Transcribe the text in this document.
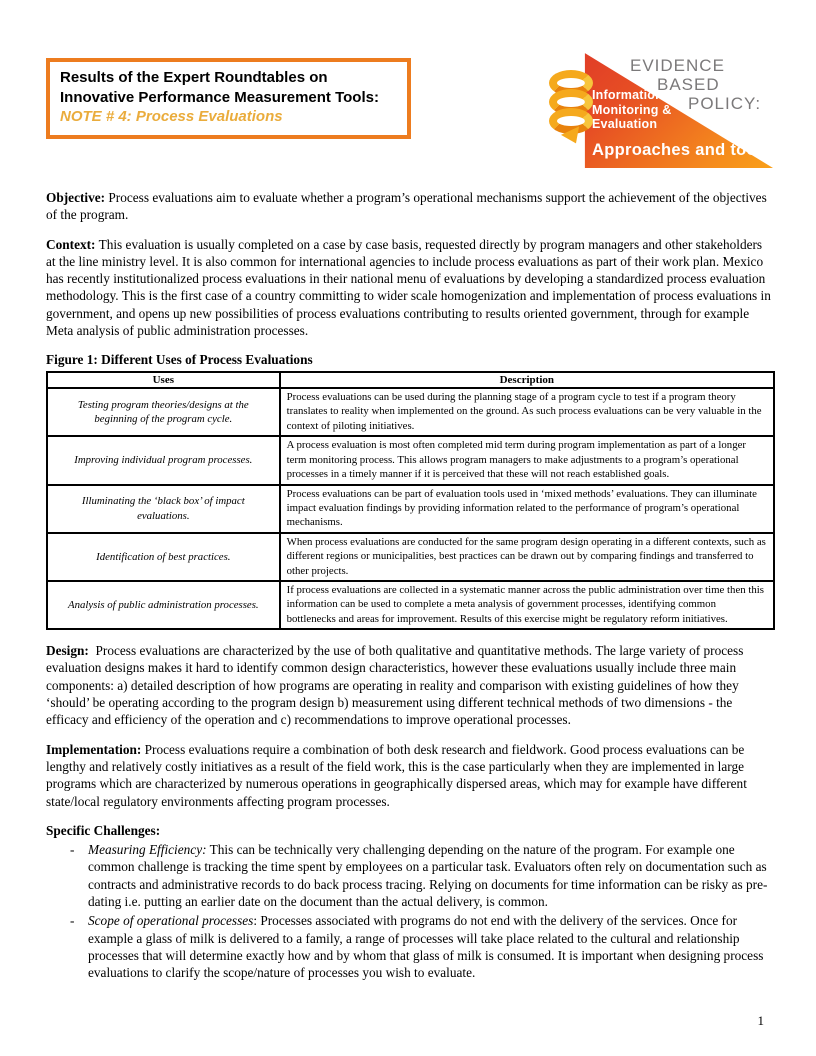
Results of the Expert Roundtables on Innovative Performance Measurement Tools: NOTE # 4: Process Evaluations
EVIDENCE
BASED
POLICY:
Information
Monitoring &
Evaluation
Approaches and tools

Objective: Process evaluations aim to evaluate whether a program’s operational mechanisms support the achievement of the objectives of the program.

Context: This evaluation is usually completed on a case by case basis, requested directly by program managers and other stakeholders at the line ministry level. It is also common for international agencies to include process evaluations as part of their work plan. Mexico has recently institutionalized process evaluations in their national menu of evaluations by developing a standardized process evaluation methodology. This is the first case of a country committing to wider scale homogenization and implementation of process evaluations in government, and opens up new possibilities of process evaluations contributing to results oriented government, through for example Meta analysis of public administration processes.

Figure 1: Different Uses of Process Evaluations
Uses	Description
Testing program theories/designs at the beginning of the program cycle.	Process evaluations can be used during the planning stage of a program cycle to test if a program theory translates to reality when implemented on the ground. As such process evaluations can be very valuable in the context of piloting initiatives.
Improving individual program processes.	A process evaluation is most often completed mid term during program implementation as part of a longer term monitoring process. This allows program managers to make adjustments to a program’s operational processes in a timely manner if it is perceived that these will not reach established goals.
Illuminating the ‘black box’ of impact evaluations.	Process evaluations can be part of evaluation tools used in ‘mixed methods’ evaluations. They can illuminate impact evaluation findings by providing information related to the performance of program’s operational mechanisms.
Identification of best practices.	When process evaluations are conducted for the same program design operating in a different contexts, such as different regions or municipalities, best practices can be drawn out by comparing findings and transferred to other projects.
Analysis of public administration processes.	If process evaluations are collected in a systematic manner across the public administration over time then this information can be used to complete a meta analysis of government processes, identifying common bottlenecks and areas for improvement. Results of this exercise might be regulatory reform initiatives.

Design: Process evaluations are characterized by the use of both qualitative and quantitative methods. The large variety of process evaluation designs makes it hard to identify common design characteristics, however these evaluations usually include three main components: a) detailed description of how programs are operating in reality and comparison with existing guidelines of how they ‘should’ be operating according to the program design b) measurement using different technical methods of two dimensions - the efficacy and efficiency of the operation and c) recommendations to improve operational processes.

Implementation: Process evaluations require a combination of both desk research and fieldwork. Good process evaluations can be lengthy and relatively costly initiatives as a result of the field work, this is the case particularly when they are implemented in large programs which are characterized by numerous operations in geographically dispersed areas, which may for example have different state/local regulatory environments affecting program processes.

Specific Challenges:
- Measuring Efficiency: This can be technically very challenging depending on the nature of the program. For example one common challenge is tracking the time spent by employees on a particular task. Evaluators often rely on documentation such as contracts and administrative records to do back process tracing. Relying on documents for time information can be risky as pre-dating i.e. putting an earlier date on the document than the actual delivery, is common.
- Scope of operational processes: Processes associated with programs do not end with the delivery of the services. Once for example a glass of milk is delivered to a family, a range of processes will take place related to the cultural and relationship processes that will determine exactly how and by whom that glass of milk is consumed. It is important when designing process evaluations to clarify the scope/nature of processes you wish to evaluate.
1
